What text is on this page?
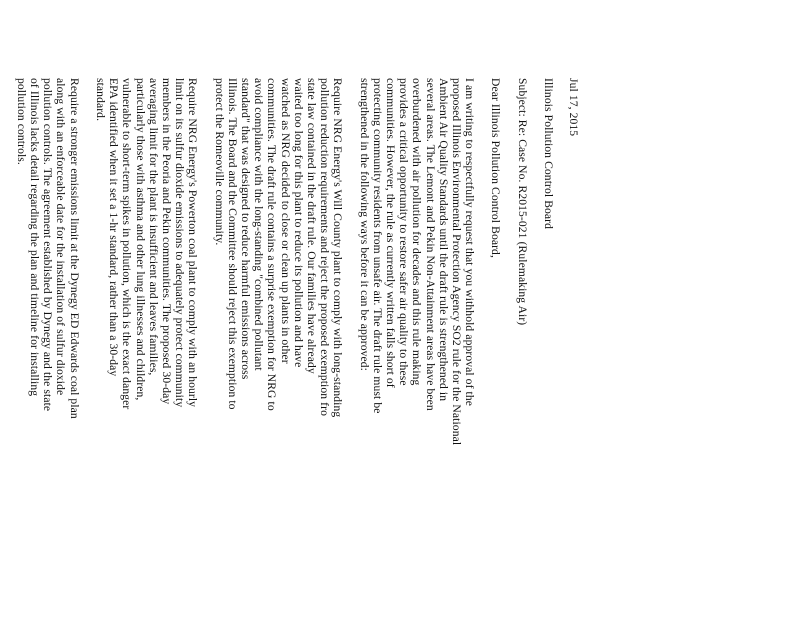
Jul 17, 2015

Illinois Pollution Control Board

Subject: Re: Case No. R2015-021 (Rulemaking Air)

Dear Illinois Pollution Control Board,

I am writing to respectfully request that you withhold approval of the
proposed Illinois Environmental Protection Agency SO2 rule for the National
Ambient Air Quality Standards until the draft rule is strengthened in
several areas. The Lemont and Pekin Non-Attainment areas have been
overburdened with air pollution for decades and this rule making
provides a critical opportunity to restore safer air quality to these
communities. However, the rule as currently written falls short of
protecting community residents from unsafe air. The draft rule must be
strengthened in the following ways before it can be approved:

Require NRG Energy's Will County plant to comply with long-standing
pollution reduction requirements and reject the proposed exemption fro
state law contained in the draft rule. Our families have already
waited too long for this plant to reduce its pollution and have
watched as NRG decided to close or clean up plants in other
communities. The draft rule contains a surprise exemption for NRG to
avoid compliance with the long-standing "combined pollutant
standard" that was designed to reduce harmful emissions across
Illinois. The Board and the Committee should reject this exemption to
protect the Romeoville community.

Require NRG Energy's Powerton coal plant to comply with an hourly
limit on its sulfur dioxide emissions to adequately protect community
members in the Peoria and Pekin communities. The proposed 30-day
averaging limit for the plant is insufficient and leaves families,
particularly those with asthma and other lung illnesses and children,
vulnerable to short-term spikes in pollution, which is the exact danger
EPA identified when it set a 1-hr standard, rather than a 30-day
standard.

Require a stronger emissions limit at the Dynegy ED Edwards coal plan
along with an enforceable date for the installation of sulfur dioxide
pollution controls. The agreement established by Dynegy and the state
of Illinois lacks detail regarding the plan and timeline for installing
pollution controls.
